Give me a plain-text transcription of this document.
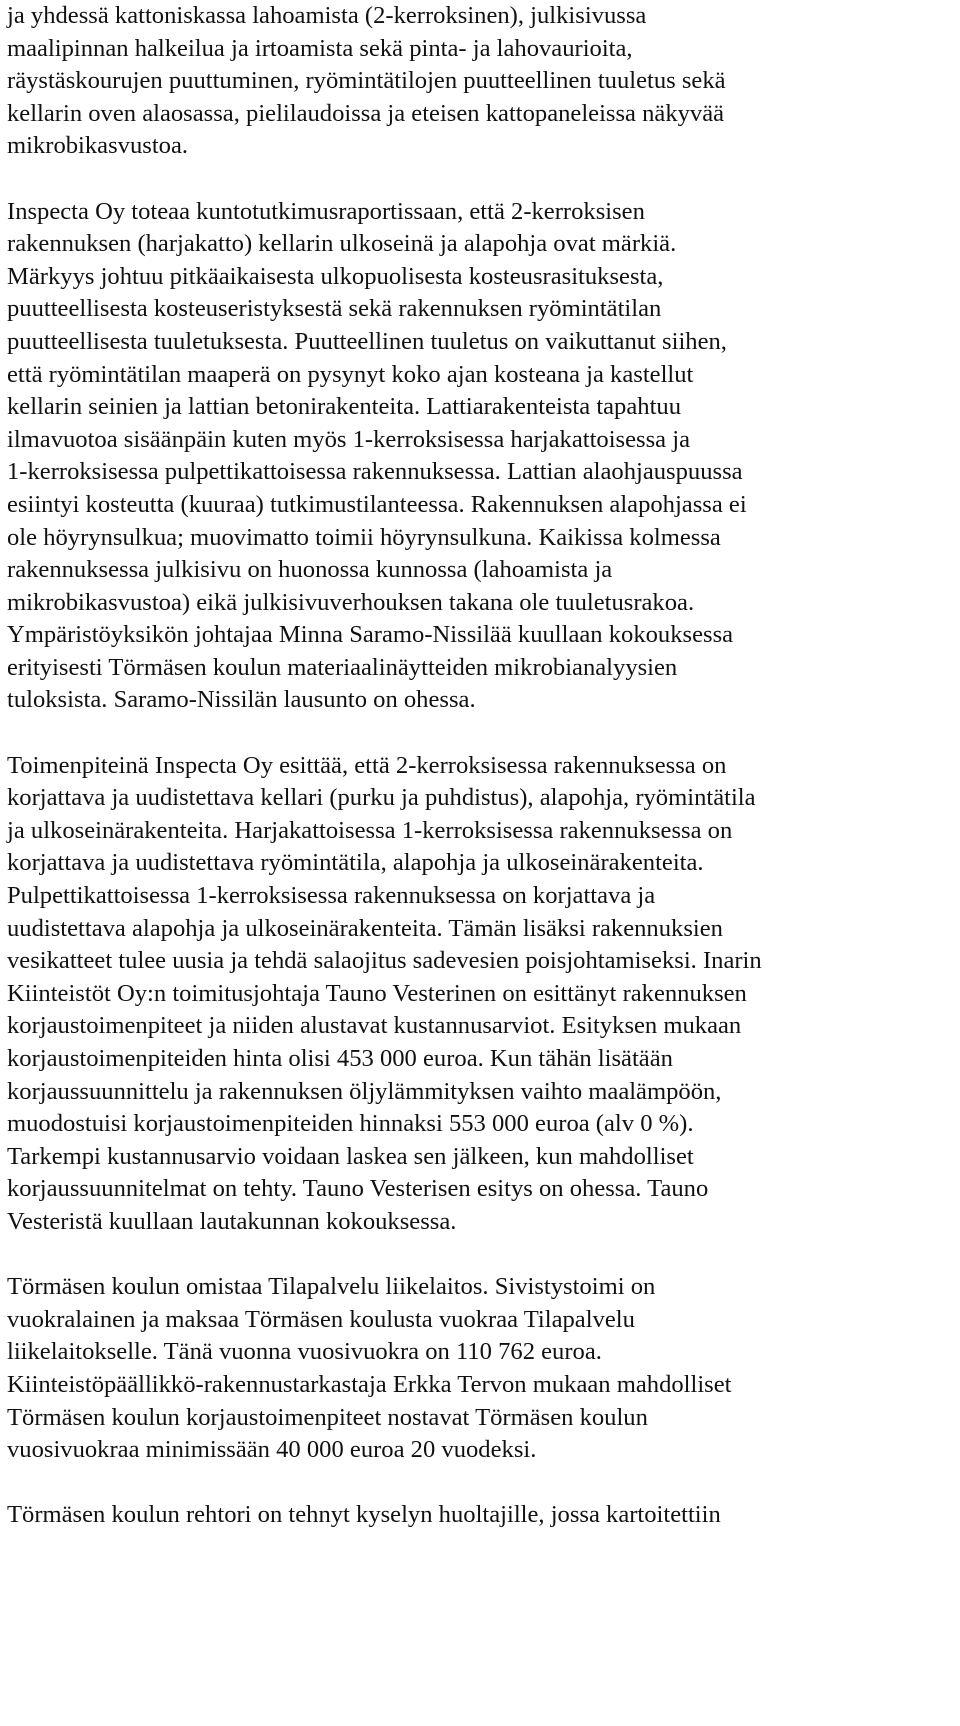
ja yhdessä kattoniskassa lahoamista (2-kerroksinen), julkisivussa
maalipinnan halkeilua ja irtoamista sekä pinta- ja lahovaurioita,
räystäskourujen puuttuminen, ryömintätilojen puutteellinen tuuletus sekä
kellarin oven alaosassa, pielilaudoissa ja eteisen kattopaneleissa näkyvää
mikrobikasvustoa.
Inspecta Oy toteaa kuntotutkimusraportissaan, että 2-kerroksisen
rakennuksen (harjakatto) kellarin ulkoseinä ja alapohja ovat märkiä.
Märkyys johtuu pitkäaikaisesta ulkopuolisesta kosteusrasituksesta,
puutteellisesta kosteuseristyksestä sekä rakennuksen ryömintätilan
puutteellisesta tuuletuksesta. Puutteellinen tuuletus on vaikuttanut siihen,
että ryömintätilan maaperä on pysynyt koko ajan kosteana ja kastellut
kellarin seinien ja lattian betonirakenteita. Lattiarakenteista tapahtuu
ilmavuotoa sisäänpäin kuten myös 1-kerroksisessa harjakattoisessa ja
1-kerroksisessa pulpettikattoisessa rakennuksessa. Lattian alaohjauspuussa
esiintyi kosteutta (kuuraa) tutkimustilanteessa. Rakennuksen alapohjassa ei
ole höyrynsulkua; muovimatto toimii höyrynsulkuna. Kaikissa kolmessa
rakennuksessa julkisivu on huonossa kunnossa (lahoamista ja
mikrobikasvustoa) eikä julkisivuverhouksen takana ole tuuletusrakoa.
Ympäristöyksikön johtajaa Minna Saramo-Nissilää kuullaan kokouksessa
erityisesti Törmäsen koulun materiaalinäytteiden mikrobianalyysien
tuloksista. Saramo-Nissilän lausunto on ohessa.
Toimenpiteinä Inspecta Oy esittää, että 2-kerroksisessa rakennuksessa on
korjattava ja uudistettava kellari (purku ja puhdistus), alapohja, ryömintätila
ja ulkoseinärakenteita. Harjakattoisessa 1-kerroksisessa rakennuksessa on
korjattava ja uudistettava ryömintätila, alapohja ja ulkoseinärakenteita.
Pulpettikattoisessa 1-kerroksisessa rakennuksessa on korjattava ja
uudistettava alapohja ja ulkoseinärakenteita. Tämän lisäksi rakennuksien
vesikatteet tulee uusia ja tehdä salaojitus sadevesien poisjohtamiseksi. Inarin
Kiinteistöt Oy:n toimitusjohtaja Tauno Vesterinen on esittänyt rakennuksen
korjaustoimenpiteet ja niiden alustavat kustannusarviot. Esityksen mukaan
korjaustoimenpiteiden hinta olisi 453 000 euroa. Kun tähän lisätään
korjaussuunnittelu ja rakennuksen öljylämmityksen vaihto maalämpöön,
muodostuisi korjaustoimenpiteiden hinnaksi 553 000 euroa (alv 0 %).
Tarkempi kustannusarvio voidaan laskea sen jälkeen, kun mahdolliset
korjaussuunnitelmat on tehty. Tauno Vesterisen esitys on ohessa. Tauno
Vesteristä kuullaan lautakunnan kokouksessa.
Törmäsen koulun omistaa Tilapalvelu liikelaitos. Sivistystoimi on
vuokralainen ja maksaa Törmäsen koulusta vuokraa Tilapalvelu
liikelaitokselle. Tänä vuonna vuosivuokra on 110 762 euroa.
Kiinteistöpäällikkö-rakennustarkastaja Erkka Tervon mukaan mahdolliset
Törmäsen koulun korjaustoimenpiteet nostavat Törmäsen koulun
vuosivuokraa minimissään 40 000 euroa 20 vuodeksi.
Törmäsen koulun rehtori on tehnyt kyselyn huoltajille, jossa kartoitettiin
